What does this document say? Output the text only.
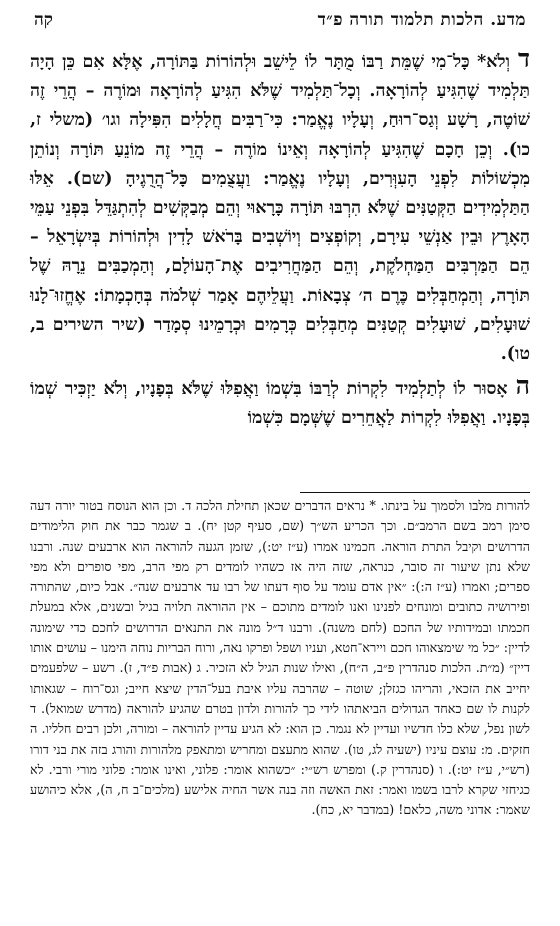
מדע. הלכות תלמוד תורה פ״ד
קה

דוְלֹא* כָּל־מִי שֶׁמֵּת רַבּוֹ מֻתָּר לוֹ לֵישֵׁב וּלְהוֹרוֹת בַּתּוֹרָה, אֶלָּא אִם כֵּן הָיָה תַּלְמִיד שֶׁהִגִּיעַ לְהוֹרָאָה. וְכָל־תַּלְמִיד שֶׁלֹּא הִגִּיעַ לְהוֹרָאָה וּמוֹרֶה – הֲרֵי זֶה שׁוֹטֶה, רָשָׁע וְגַס־רוּחַ, וְעָלָיו נֶאֱמַר: כִּי־רַבִּים חֲלָלִים הִפִּילָה וגו׳ (משלי ז, כו). וְכֵן חָכָם שֶׁהִגִּיעַ לְהוֹרָאָה וְאֵינוֹ מוֹרֶה – הֲרֵי זֶה מוֹנֵעַ תּוֹרָה וְנוֹתֵן מִכְשׁוֹלוֹת לִפְנֵי הָעִוְּרִים, וְעָלָיו נֶאֱמַר: וַעֲצֻמִים כָּל־הֲרֻגֶיהָ (שם). אֵלּוּ הַתַּלְמִידִים הַקְּטַנִּים שֶׁלֹּא הִרְבּוּ תּוֹרָה כָּרָאוּי וְהֵם מְבַקְּשִׁים לְהִתְגַּדֵּל בִּפְנֵי עַמֵּי הָאָרֶץ וּבֵין אַנְשֵׁי עִירָם, וְקוֹפְצִים וְיוֹשְׁבִים בָּרֹאשׁ לָדִין וּלְהוֹרוֹת בְּיִשְׂרָאֵל – הֵם הַמַּרְבִּים הַמַּחְלֹקֶת, וְהֵם הַמַּחֲרִיבִים אֶת־הָעוֹלָם, וְהַמְכַבִּים נֵרָהּ שֶׁל תּוֹרָה, וְהַמְחַבְּלִים כֶּרֶם ה׳ צְבָאוֹת. וַעֲלֵיהֶם אָמַר שְׁלֹמֹה בְּחָכְמָתוֹ: אֶחֱזוּ־לָנוּ שׁוּעָלִים, שׁוּעָלִים קְטַנִּים מְחַבְּלִים כְּרָמִים וּכְרָמֵינוּ סְמָדַר (שיר השירים ב, טו).

האָסוּר לוֹ לְתַלְמִיד לִקְרוֹת לְרַבּוֹ בִּשְׁמוֹ וַאֲפִלּוּ שֶׁלֹּא בְּפָנָיו, וְלֹא יַזְכִּיר שְׁמוֹ בְּפָנָיו. וַאֲפִלּוּ לִקְרוֹת לַאֲחֵרִים שֶׁשְּׁמָם כִּשְׁמוֹ

להורות מלבו ולסמוך על בינתו. * נראים הדברים שכאן תחילת הלכה ד. וכן הוא הנוסח בטור יורה דעה סימן רמב בשם הרמב״ם. וכך הכריע הש״ך (שם, סעיף קטן יח). ב שגמר כבר את חוק הלימודים הדרושים וקיבל התרת הוראה. חכמינו אמרו (ע״ז יט:), שזמן הגעה להוראה הוא ארבעים שנה. ורבנו שלא נתן שיעור זה סובר, כנראה, שזה היה אז כשהיו לומדים רק מפי הרב, מפי סופרים ולא מפי ספרים; ואמרו (ע״ז ה:): ״אין אדם עומד על סוף דעתו של רבו עד ארבעים שנה״. אבל כיום, שהתורה ופירושיה כתובים ומונחים לפנינו ואנו לומדים מתוכם – אין ההוראה תלויה בגיל ובשנים, אלא במעלת חכמתו ובמידותיו של החכם (לחם משנה). ורבנו ד״ל מונה את התנאים הדרושים לחכם כדי שימונה לדיין: ״כל מי שימצאוהו חכם ויירא־חטא, ועניו ושפל ופרקו נאה, ורוח הבריות נוחה הימנו – עושים אותו דיין״ (מ״ת. הלכות סנהדרין פ״ב, ה״ח), ואילו שנות הגיל לא הזכיר. ג (אבות פ״ד, ז). רשע – שלפעמים יחייב את הזכאי, והריהו כגזלן; שוטה – שהרבה עליו איבת בעל־הדין שיצא חייב; וגס־רוח – שגאותו לקנות לו שם כאחד הגדולים הביאתהו לידי כך להורות ולדון בטרם שהגיע להוראה (מדרש שמואל). ד לשון נפל, שלא כלו חדשיו ועדיין לא נגמר. כן הוא: לא הגיע עדיין להוראה – ומורה, ולכן רבים חלליו. ה חזקים. מ: עוצם עיניו (ישעיה לג, טו). שהוא מתעצם ומחריש ומתאפק מלהורות והורג בזה את בני דורו (רש״י, ע״ז יט:). ו (סנהדרין ק.) ומפרש רש״י: ״כשהוא אומר: פלוני, ואינו אומר: פלוני מורי ורבי. לא כגיחזי שקרא לרבו בשמו ואמר: זאת האשה וזה בנה אשר החיה אלישע (מלכים־ב ח, ה), אלא כיהושע שאמר: אדוני משה, כלאם! (במדבר יא, כח).
